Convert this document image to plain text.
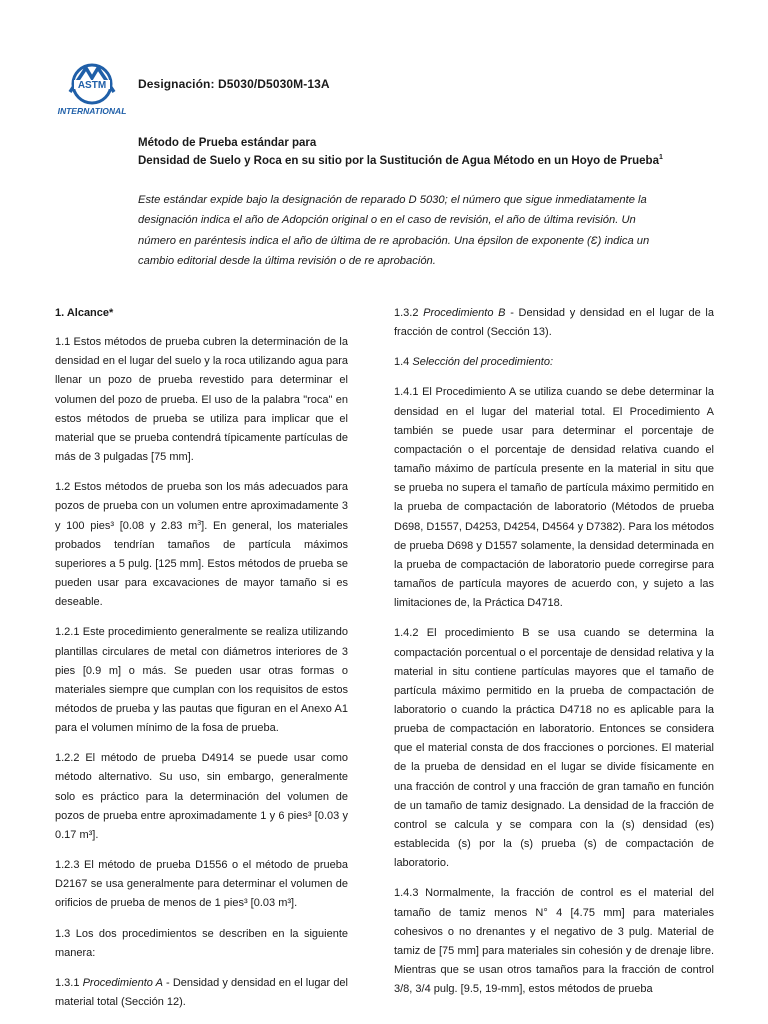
ASTM
INTERNATIONAL
Designación: D5030/D5030M-13A
Método de Prueba estándar para
Densidad de Suelo y Roca en su sitio por la Sustitución de Agua Método en un Hoyo de Prueba$^1$
Este estándar expide bajo la designación de reparado D 5030; el número que sigue inmediatamente la designación indica el año de Adopción original o en el caso de revisión, el año de última revisión. Un número en paréntesis indica el año de última de re aprobación. Una épsilon de exponente (Ɛ) indica un cambio editorial desde la última revisión o de re aprobación.

1. Alcance*

1.1 Estos métodos de prueba cubren la determinación de la densidad en el lugar del suelo y la roca utilizando agua para llenar un pozo de prueba revestido para determinar el volumen del pozo de prueba. El uso de la palabra "roca" en estos métodos de prueba se utiliza para implicar que el material que se prueba contendrá típicamente partículas de más de 3 pulgadas [75 mm].

1.2 Estos métodos de prueba son los más adecuados para pozos de prueba con un volumen entre aproximadamente 3 y 100 pies³ [0.08 y 2.83 $m^3$]. En general, los materiales probados tendrían tamaños de partícula máximos superiores a 5 pulg. [125 mm]. Estos métodos de prueba se pueden usar para excavaciones de mayor tamaño si es deseable.

1.2.1 Este procedimiento generalmente se realiza utilizando plantillas circulares de metal con diámetros interiores de 3 pies [0.9 m] o más. Se pueden usar otras formas o materiales siempre que cumplan con los requisitos de estos métodos de prueba y las pautas que figuran en el Anexo A1 para el volumen mínimo de la fosa de prueba.

1.2.2 El método de prueba D4914 se puede usar como método alternativo. Su uso, sin embargo, generalmente solo es práctico para la determinación del volumen de pozos de prueba entre aproximadamente 1 y 6 pies³ [0.03 y 0.17 m³].

1.2.3 El método de prueba D1556 o el método de prueba D2167 se usa generalmente para determinar el volumen de orificios de prueba de menos de 1 pies³ [0.03 m³].

1.3 Los dos procedimientos se describen en la siguiente manera:

1.3.1 Procedimiento A - Densidad y densidad en el lugar del material total (Sección 12).

1.3.2 Procedimiento B - Densidad y densidad en el lugar de la fracción de control (Sección 13).

1.4 Selección del procedimiento:

1.4.1 El Procedimiento A se utiliza cuando se debe determinar la densidad en el lugar del material total. El Procedimiento A también se puede usar para determinar el porcentaje de compactación o el porcentaje de densidad relativa cuando el tamaño máximo de partícula presente en la material in situ que se prueba no supera el tamaño de partícula máximo permitido en la prueba de compactación de laboratorio (Métodos de prueba D698, D1557, D4253, D4254, D4564 y D7382). Para los métodos de prueba D698 y D1557 solamente, la densidad determinada en la prueba de compactación de laboratorio puede corregirse para tamaños de partícula mayores de acuerdo con, y sujeto a las limitaciones de, la Práctica D4718.

1.4.2 El procedimiento B se usa cuando se determina la compactación porcentual o el porcentaje de densidad relativa y la material in situ contiene partículas mayores que el tamaño de partícula máximo permitido en la prueba de compactación de laboratorio o cuando la práctica D4718 no es aplicable para la prueba de compactación en laboratorio. Entonces se considera que el material consta de dos fracciones o porciones. El material de la prueba de densidad en el lugar se divide físicamente en una fracción de control y una fracción de gran tamaño en función de un tamaño de tamiz designado. La densidad de la fracción de control se calcula y se compara con la (s) densidad (es) establecida (s) por la (s) prueba (s) de compactación de laboratorio.

1.4.3 Normalmente, la fracción de control es el material del tamaño de tamiz menos N° 4 [4.75 mm] para materiales cohesivos o no drenantes y el negativo de 3 pulg. Material de tamiz de [75 mm] para materiales sin cohesión y de drenaje libre. Mientras que se usan otros tamaños para la fracción de control 3/8, 3/4 pulg. [9.5, 19-mm], estos métodos de prueba
